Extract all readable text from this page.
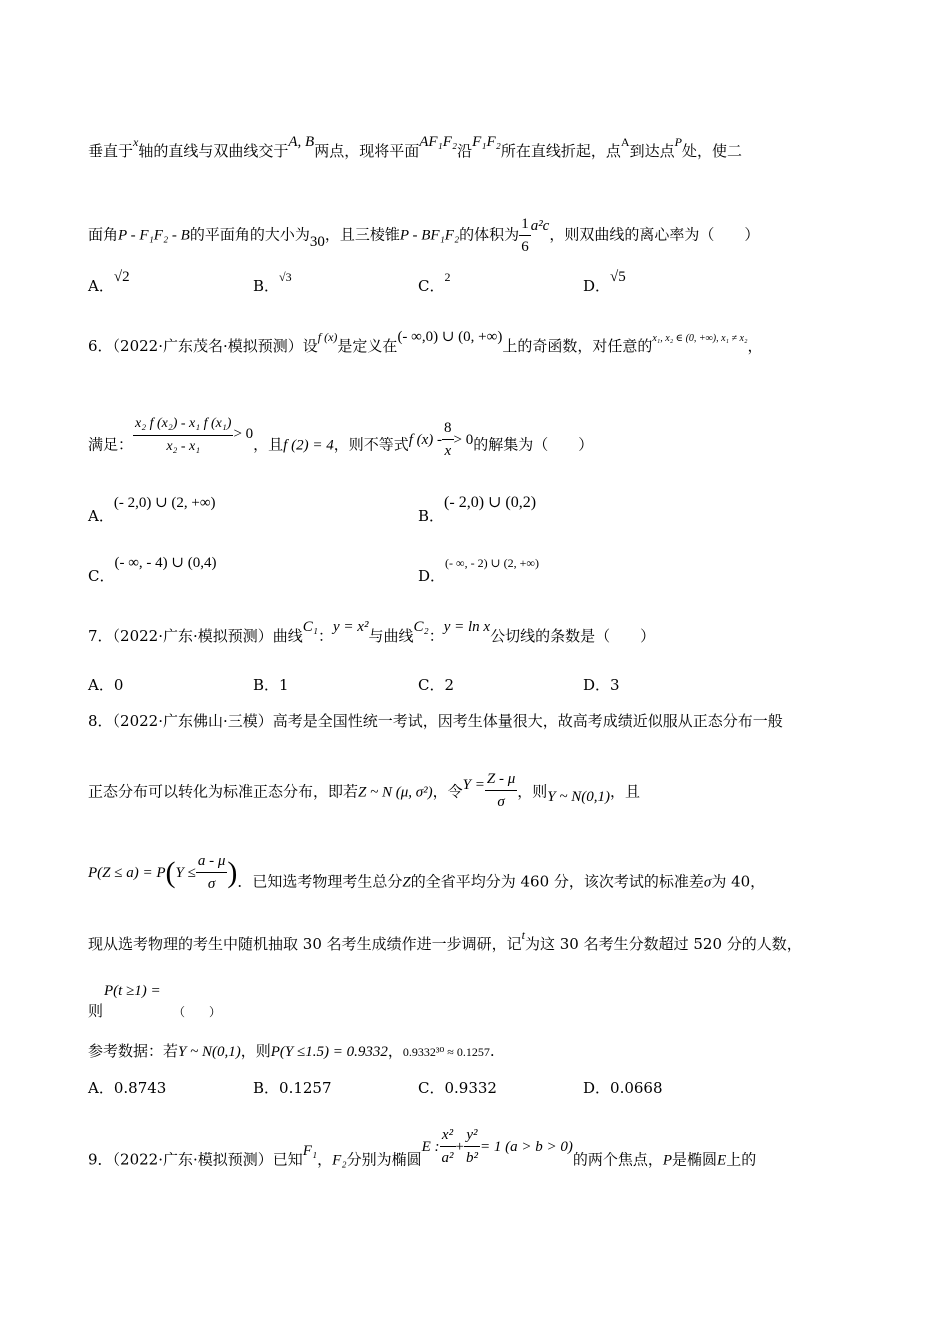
垂直于$^x$轴的直线与双曲线交于A, B两点，现将平面AF₁F₂沿F₁F₂所在直线折起，点$^A$到达点$^P$处，使二
面角P - F₁F₂ - B的平面角的大小为30，且三棱锥P - BF₁F₂的体积为 $\frac{1}{6} a^2c$，则双曲线的离心率为（　　）
A．√2	B．$^{√3}$	C．$^2$	D．√5
6．（2022·广东茂名·模拟预测）设$^{f (x)}$是定义在(- ∞,0) ∪ (0, +∞)上的奇函数，对任意的$^{x_1, x_2 \in (0, +\infty), x_1 \ne x_2}$，
满足： $\frac{\text{x₂ f (x₂) - x₁ f (x₁)}}{\text{x₂ - x₁}} > 0$，且f (2) = 4，则不等式f $(x) - \frac{8}{x} > 0$的解集为（　　）
A．(- 2,0) ∪ (2, +∞)
B．(- 2,0) ∪ (0,2)
C．(- ∞, - 4) ∪ (0,4)
D．$^{(- \infty, - 2) \cup (2, +\infty)}$
7．（2022·广东·模拟预测）曲线C₁：y = x²与曲线C₂：y = ln x公切线的条数是（　　）
A．0	B．1	C．2	D．3
8．（2022·广东佛山·三模）高考是全国性统一考试，因考生体量很大，故高考成绩近似服从正态分布一般
正态分布可以转化为标准正态分布，即若Z ~ N (μ, σ²)，令$Y = \frac{Z - \mu}{\sigma}$ ，则Y ~ N(0,1)，且
$P(Z \le a) = P(Y \le \frac{a - \mu}{\sigma}$ )．已知选考物理考生总分Z的全省平均分为 460 分，该次考试的标准差σ为 40，
现从选考物理的考生中随机抽取 30 名考生成绩作进一步调研，记$^t$为这 30 名考生分数超过 520 分的人数，
P(t ≥1) =
则	（　　）
参考数据：若Y ~ N(0,1)，则P(Y ≤1.5) = 0.9332，0.9332³⁰ ≈ 0.1257.
A．0.8743	B．0.1257	C．0.9332	D．0.0668
9．（2022·广东·模拟预测）已知F₁，F₂分别为椭圆E : $\frac{\text{x²}}{\text{a²}} + \frac{\text{y²}}{\text{b²}} = 1$ (a > b > 0)的两个焦点，P是椭圆E上的
